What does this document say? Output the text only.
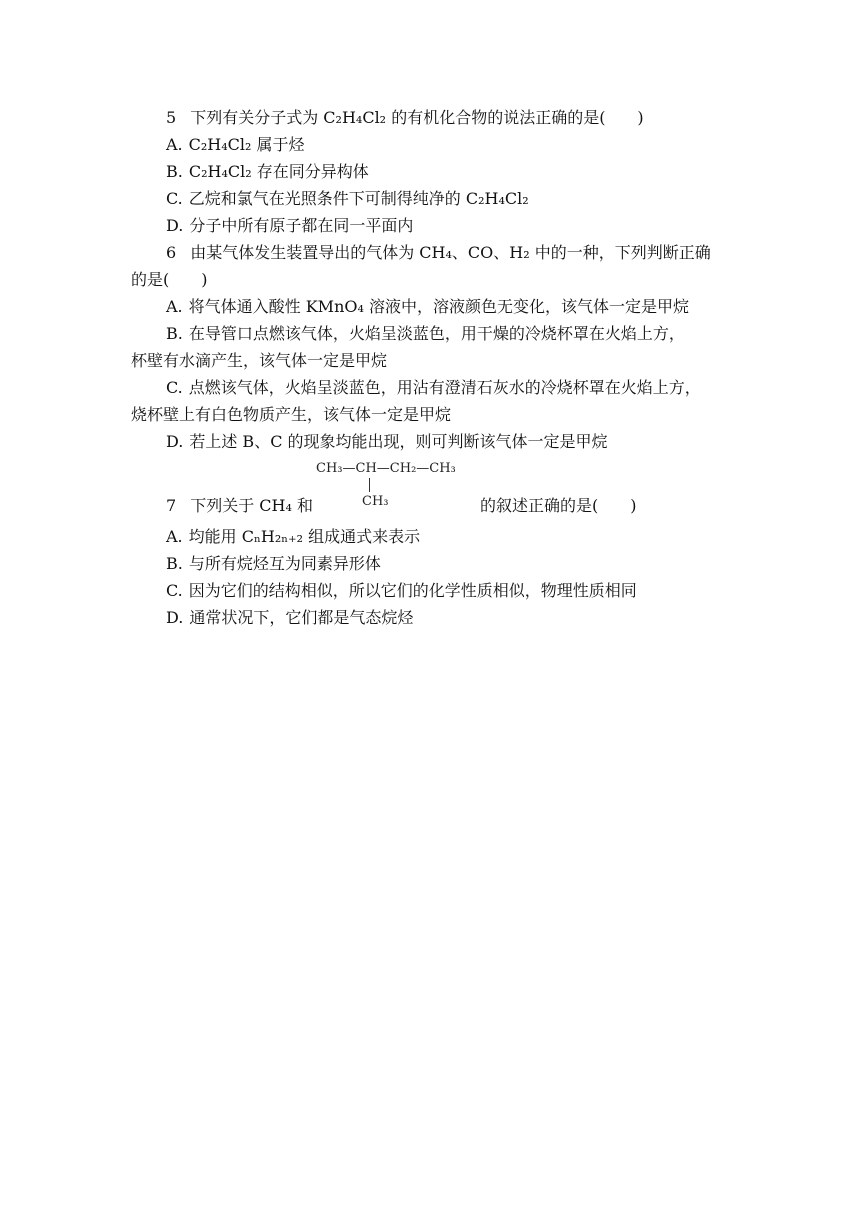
5 下列有关分子式为 C₂H₄Cl₂ 的有机化合物的说法正确的是(　　)
A. C₂H₄Cl₂ 属于烃
B. C₂H₄Cl₂ 存在同分异构体
C. 乙烷和氯气在光照条件下可制得纯净的 C₂H₄Cl₂
D. 分子中所有原子都在同一平面内
6 由某气体发生装置导出的气体为 CH₄、CO、H₂ 中的一种，下列判断正确
的是(　　)
A. 将气体通入酸性 KMnO₄ 溶液中，溶液颜色无变化，该气体一定是甲烷
B. 在导管口点燃该气体，火焰呈淡蓝色，用干燥的冷烧杯罩在火焰上方，
杯壁有水滴产生，该气体一定是甲烷
C. 点燃该气体，火焰呈淡蓝色，用沾有澄清石灰水的冷烧杯罩在火焰上方，
烧杯壁上有白色物质产生，该气体一定是甲烷
D. 若上述 B、C 的现象均能出现，则可判断该气体一定是甲烷
CH₃—CH—CH₂—CH₃
CH₃
7 下列关于 CH₄ 和	的叙述正确的是(　　)
A. 均能用 CₙH₂ₙ₊₂ 组成通式来表示
B. 与所有烷烃互为同素异形体
C. 因为它们的结构相似，所以它们的化学性质相似，物理性质相同
D. 通常状况下，它们都是气态烷烃
